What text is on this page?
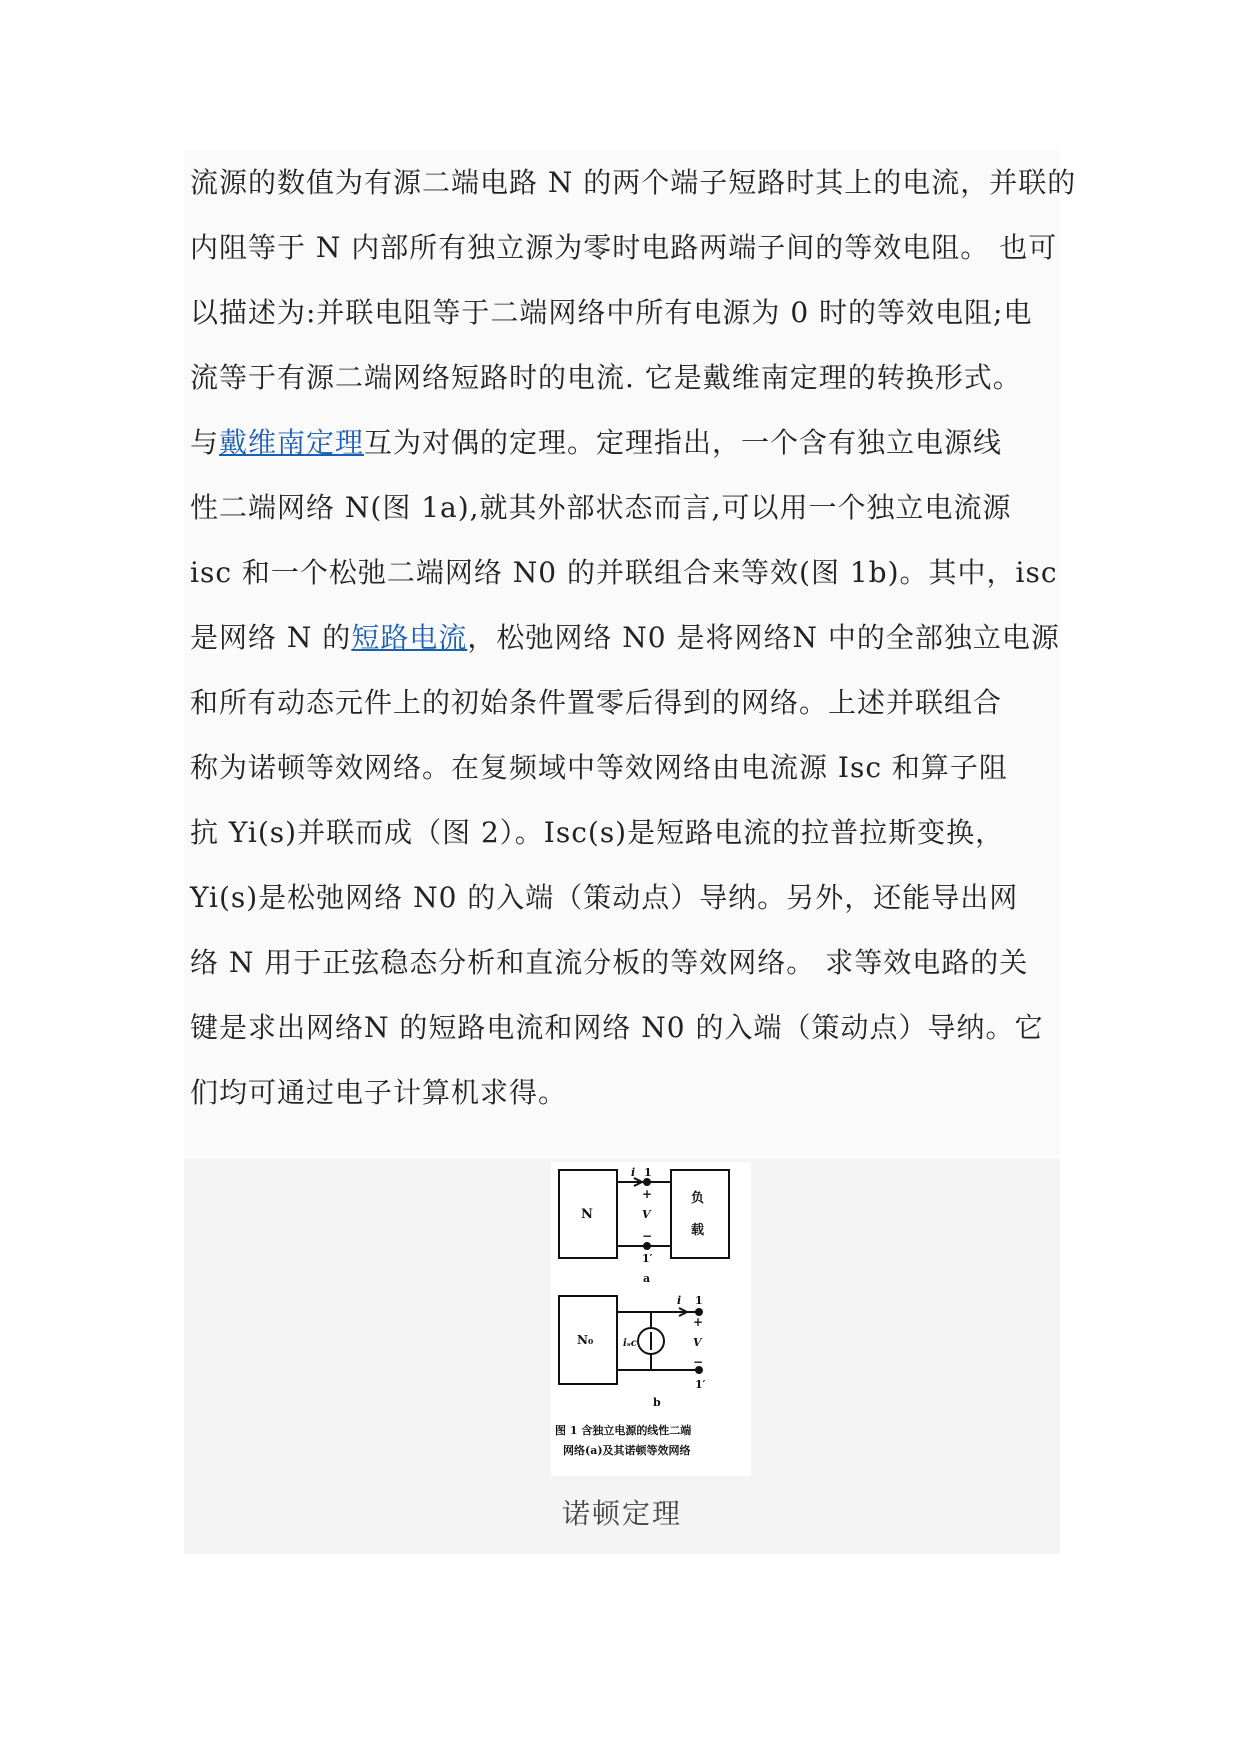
流源的数值为有源二端电路 N 的两个端子短路时其上的电流，并联的
内阻等于 N 内部所有独立源为零时电路两端子间的等效电阻。 也可
以描述为:并联电阻等于二端网络中所有电源为 0 时的等效电阻;电
流等于有源二端网络短路时的电流. 它是戴维南定理的转换形式。
与戴维南定理互为对偶的定理。定理指出，一个含有独立电源线
性二端网络 N(图 1a),就其外部状态而言,可以用一个独立电流源
isc 和一个松弛二端网络 N0 的并联组合来等效(图 1b)。其中，isc
是网络 N 的短路电流，松弛网络 N0 是将网络N 中的全部独立电源
和所有动态元件上的初始条件置零后得到的网络。上述并联组合
称为诺顿等效网络。在复频域中等效网络由电流源 Isc 和算子阻
抗 Yi(s)并联而成（图 2）。Isc(s)是短路电流的拉普拉斯变换，
Yi(s)是松弛网络 N0 的入端（策动点）导纳。另外，还能导出网
络 N 用于正弦稳态分析和直流分板的等效网络。 求等效电路的关
键是求出网络N 的短路电流和网络 N0 的入端（策动点）导纳。它
们均可通过电子计算机求得。
N
负
载
i 1
+
V
−
1′
a
N₀	iₛc
i 1
+
V
−
1′
b
图 1 含独立电源的线性二端
网络(a)及其诺顿等效网络
诺顿定理
